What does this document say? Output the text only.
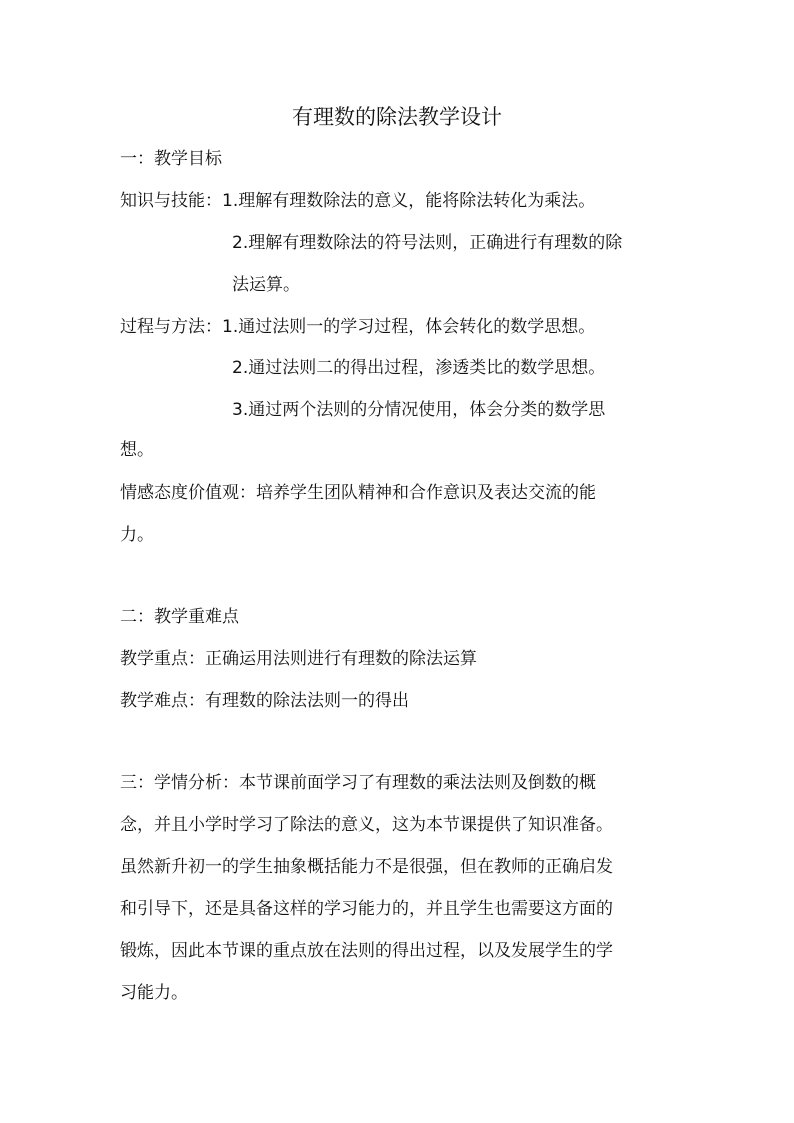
有理数的除法教学设计
一：教学目标
知识与技能：1.理解有理数除法的意义，能将除法转化为乘法。
2.理解有理数除法的符号法则，正确进行有理数的除
法运算。
过程与方法：1.通过法则一的学习过程，体会转化的数学思想。
2.通过法则二的得出过程，渗透类比的数学思想。
3.通过两个法则的分情况使用，体会分类的数学思
想。
情感态度价值观：培养学生团队精神和合作意识及表达交流的能
力。
二：教学重难点
教学重点：正确运用法则进行有理数的除法运算
教学难点：有理数的除法法则一的得出
三：学情分析：本节课前面学习了有理数的乘法法则及倒数的概
念，并且小学时学习了除法的意义，这为本节课提供了知识准备。
虽然新升初一的学生抽象概括能力不是很强，但在教师的正确启发
和引导下，还是具备这样的学习能力的，并且学生也需要这方面的
锻炼，因此本节课的重点放在法则的得出过程，以及发展学生的学
习能力。
